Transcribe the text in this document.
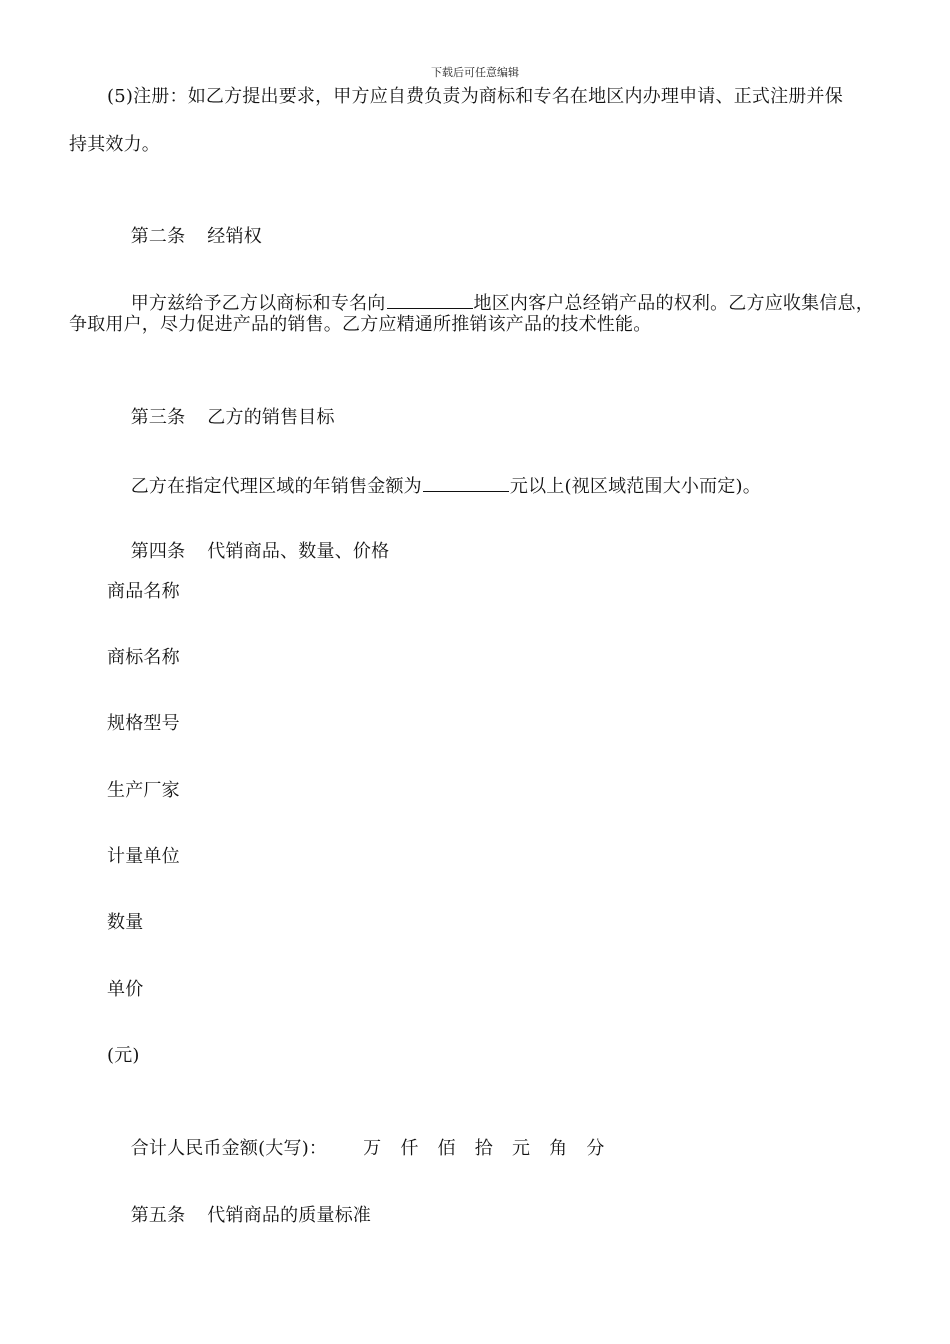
下载后可任意编辑
(5)注册：如乙方提出要求，甲方应自费负责为商标和专名在地区内办理申请、正式注册并保
持其效力。

第二条 经销权

甲方兹给予乙方以商标和专名向	地区内客户总经销产品的权利。乙方应收集信息，

争取用户，尽力促进产品的销售。乙方应精通所推销该产品的技术性能。

第三条 乙方的销售目标

乙方在指定代理区域的年销售金额为	元以上(视区域范围大小而定)。

第四条 代销商品、数量、价格

商品名称
商标名称
规格型号
生产厂家
计量单位
数量
单价
(元)

合计人民币金额(大写)： 万 仟 佰 拾 元 角 分

第五条 代销商品的质量标准
